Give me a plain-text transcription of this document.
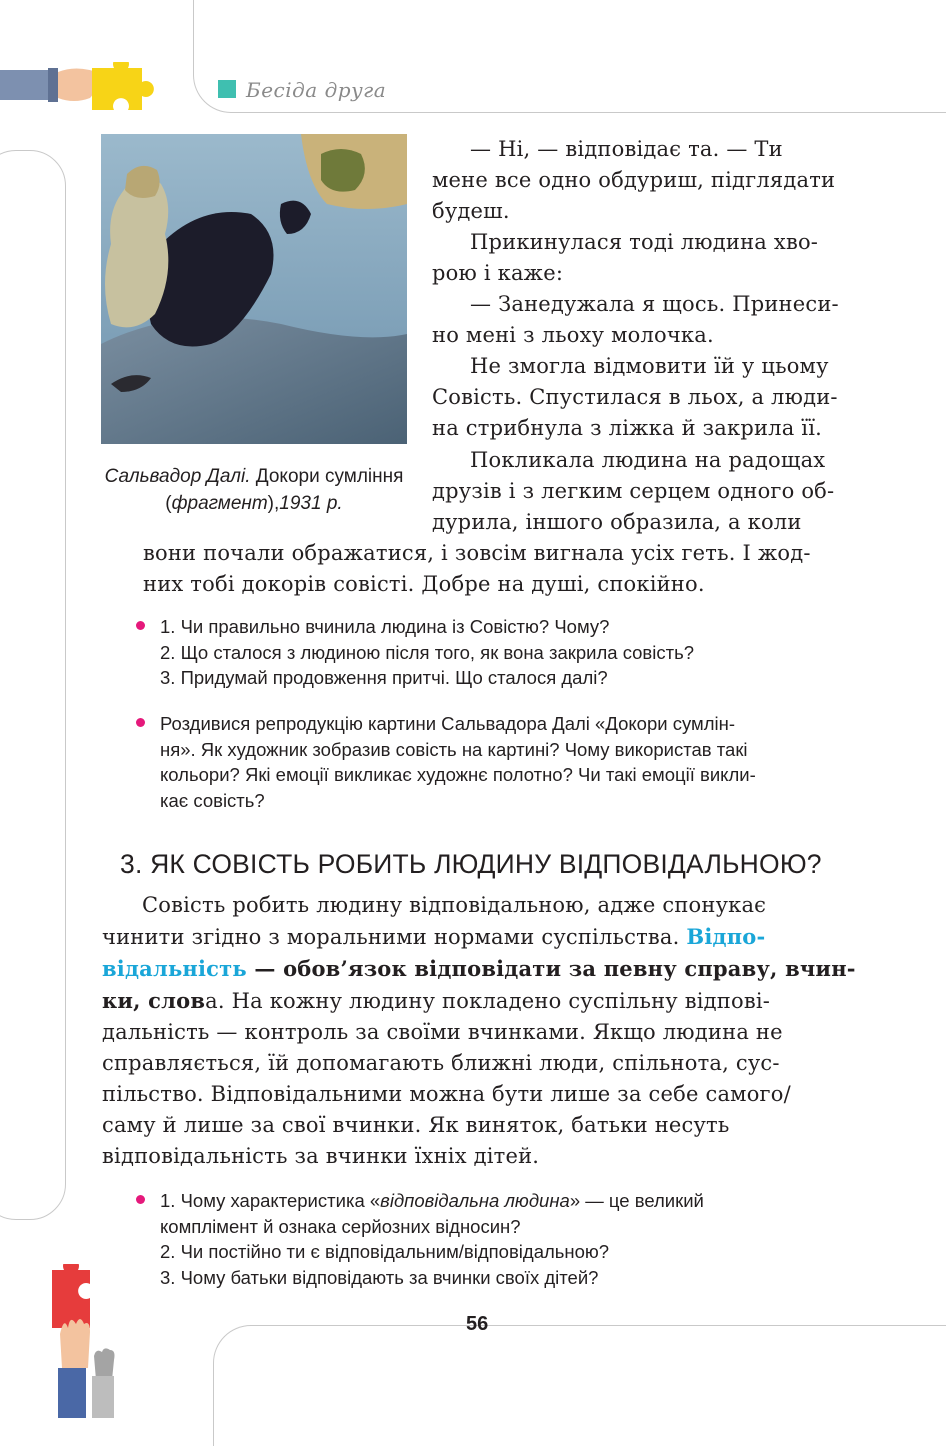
Бесіда друга
Сальвадор Далі. Докори сумління (фрагмент),1931 р.
— Ні, — відповідає та. — Ти
мене все одно обдуриш, підглядати
будеш.
Прикинулася тоді людина хво-
рою і каже:
— Занедужала я щось. Принеси-
но мені з льоху молочка.
Не змогла відмовити їй у цьому
Совість. Спустилася в льох, а люди-
на стрибнула з ліжка й закрила її.
Покликала людина на радощах
друзів і з легким серцем одного об-
дурила, іншого образила, а коли
вони почали ображатися, і зовсім вигнала усіх геть. І жод-
них тобі докорів совісті. Добре на душі, спокійно.
1. Чи правильно вчинила людина із Совістю? Чому?
2. Що сталося з людиною після того, як вона закрила совість?
3. Придумай продовження притчі. Що сталося далі?
Роздивися репродукцію картини Сальвадора Далі «Докори сумлін-
ня». Як художник зобразив совість на картині? Чому використав такі
кольори? Які емоції викликає художнє полотно? Чи такі емоції викли-
кає совість?
3. ЯК СОВІСТЬ РОБИТЬ ЛЮДИНУ ВІДПОВІДАЛЬНОЮ?
Совість робить людину відповідальною, адже спонукає
чинити згідно з моральними нормами суспільства. Відпо-
відальність — обов’язок відповідати за певну справу, вчин-
ки, слова. На кожну людину покладено суспільну відпові-
дальність — контроль за своїми вчинками. Якщо людина не
справляється, їй допомагають ближні люди, спільнота, сус-
пільство. Відповідальними можна бути лише за себе самого/
саму й лише за свої вчинки. Як виняток, батьки несуть
відповідальність за вчинки їхніх дітей.
1. Чому характеристика «відповідальна людина» — це великий
комплімент й ознака серйозних відносин?
2. Чи постійно ти є відповідальним/відповідальною?
3. Чому батьки відповідають за вчинки своїх дітей?
56
